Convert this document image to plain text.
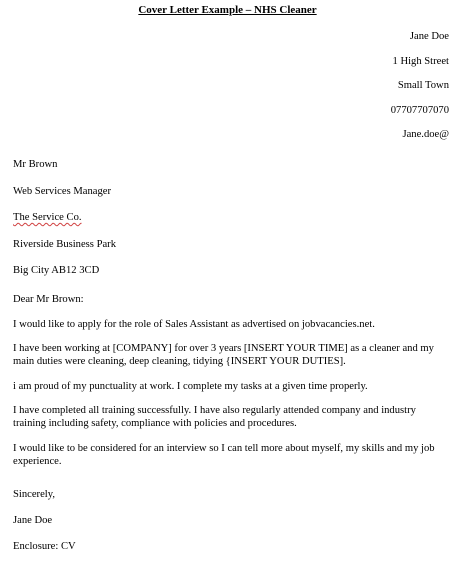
Cover Letter Example – NHS Cleaner
Jane Doe
1 High Street
Small Town
07707707070
Jane.doe@
Mr Brown
Web Services Manager
The Service Co.
Riverside Business Park
Big City AB12 3CD

Dear Mr Brown:

I would like to apply for the role of Sales Assistant as advertised on jobvacancies.net.

I have been working at [COMPANY] for over 3 years [INSERT YOUR TIME] as a cleaner and my main duties were cleaning, deep cleaning, tidying {INSERT YOUR DUTIES].

i am proud of my punctuality at work. I complete my tasks at a given time properly.

I have completed all training successfully. I have also regularly attended company and industry training including safety, compliance with policies and procedures.

I would like to be considered for an interview so I can tell more about myself, my skills and my job experience.

Sincerely,
Jane Doe
Enclosure: CV
